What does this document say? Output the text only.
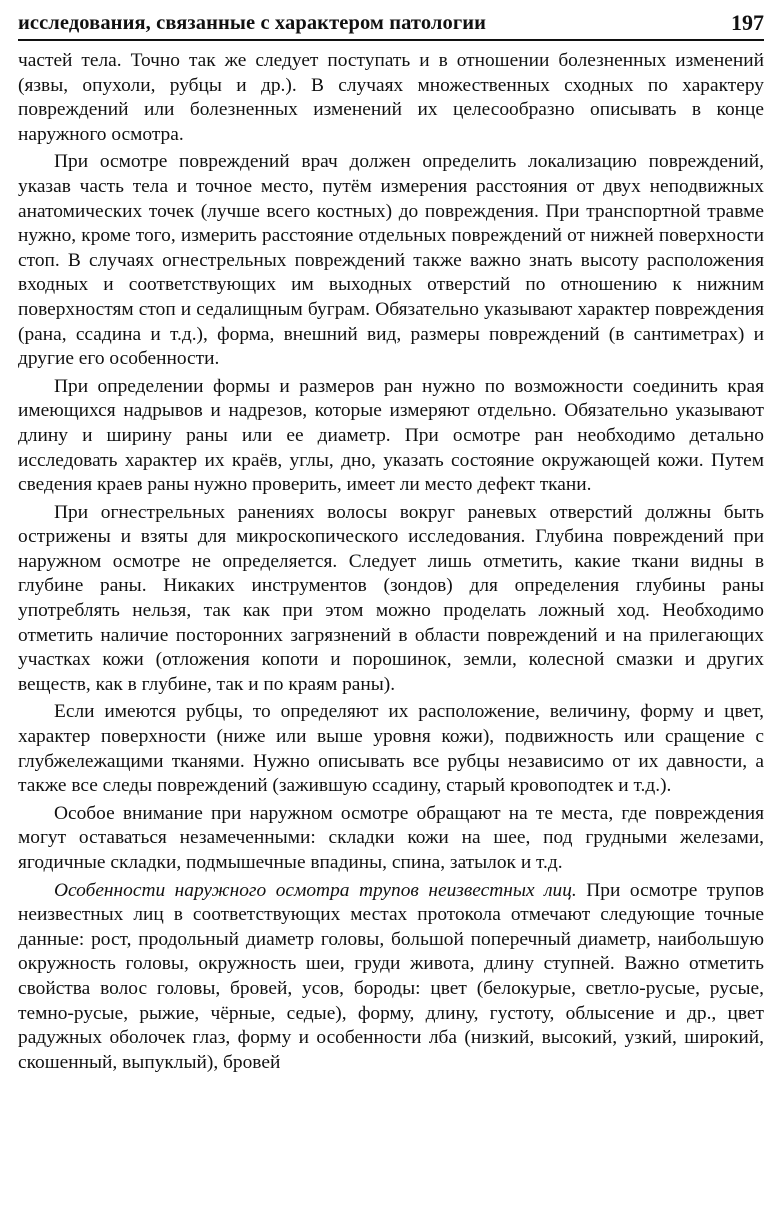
исследования, связанные с характером патологии	197

частей тела. Точно так же следует поступать и в отношении болезненных изменений (язвы, опухоли, рубцы и др.). В случаях множественных сходных по характеру повреждений или болезненных изменений их целесообразно описывать в конце наружного осмотра.

При осмотре повреждений врач должен определить локализацию повреждений, указав часть тела и точное место, путём измерения расстояния от двух неподвижных анатомических точек (лучше всего костных) до повреждения. При транспортной травме нужно, кроме того, измерить расстояние отдельных повреждений от нижней поверхности стоп. В случаях огнестрельных повреждений также важно знать высоту расположения входных и соответствующих им выходных отверстий по отношению к нижним поверхностям стоп и седалищным буграм. Обязательно указывают характер повреждения (рана, ссадина и т.д.), форма, внешний вид, размеры повреждений (в сантиметрах) и другие его особенности.

При определении формы и размеров ран нужно по возможности соединить края имеющихся надрывов и надрезов, которые измеряют отдельно. Обязательно указывают длину и ширину раны или ее диаметр. При осмотре ран необходимо детально исследовать характер их краёв, углы, дно, указать состояние окружающей кожи. Путем сведения краев раны нужно проверить, имеет ли место дефект ткани.

При огнестрельных ранениях волосы вокруг раневых отверстий должны быть острижены и взяты для микроскопического исследования. Глубина повреждений при наружном осмотре не определяется. Следует лишь отметить, какие ткани видны в глубине раны. Никаких инструментов (зондов) для определения глубины раны употреблять нельзя, так как при этом можно проделать ложный ход. Необходимо отметить наличие посторонних загрязнений в области повреждений и на прилегающих участках кожи (отложения копоти и порошинок, земли, колесной смазки и других веществ, как в глубине, так и по краям раны).

Если имеются рубцы, то определяют их расположение, величину, форму и цвет, характер поверхности (ниже или выше уровня кожи), подвижность или сращение с глубжележащими тканями. Нужно описывать все рубцы независимо от их давности, а также все следы повреждений (зажившую ссадину, старый кровоподтек и т.д.).

Особое внимание при наружном осмотре обращают на те места, где повреждения могут оставаться незамеченными: складки кожи на шее, под грудными железами, ягодичные складки, подмышечные впадины, спина, затылок и т.д.

Особенности наружного осмотра трупов неизвестных лиц. При осмотре трупов неизвестных лиц в соответствующих местах протокола отмечают следующие точные данные: рост, продольный диаметр головы, большой поперечный диаметр, наибольшую окружность головы, окружность шеи, груди живота, длину ступней. Важно отметить свойства волос головы, бровей, усов, бороды: цвет (белокурые, светло-русые, русые, темно-русые, рыжие, чёрные, седые), форму, длину, густоту, облысение и др., цвет радужных оболочек глаз, форму и особенности лба (низкий, высокий, узкий, широкий, скошенный, выпуклый), бровей
